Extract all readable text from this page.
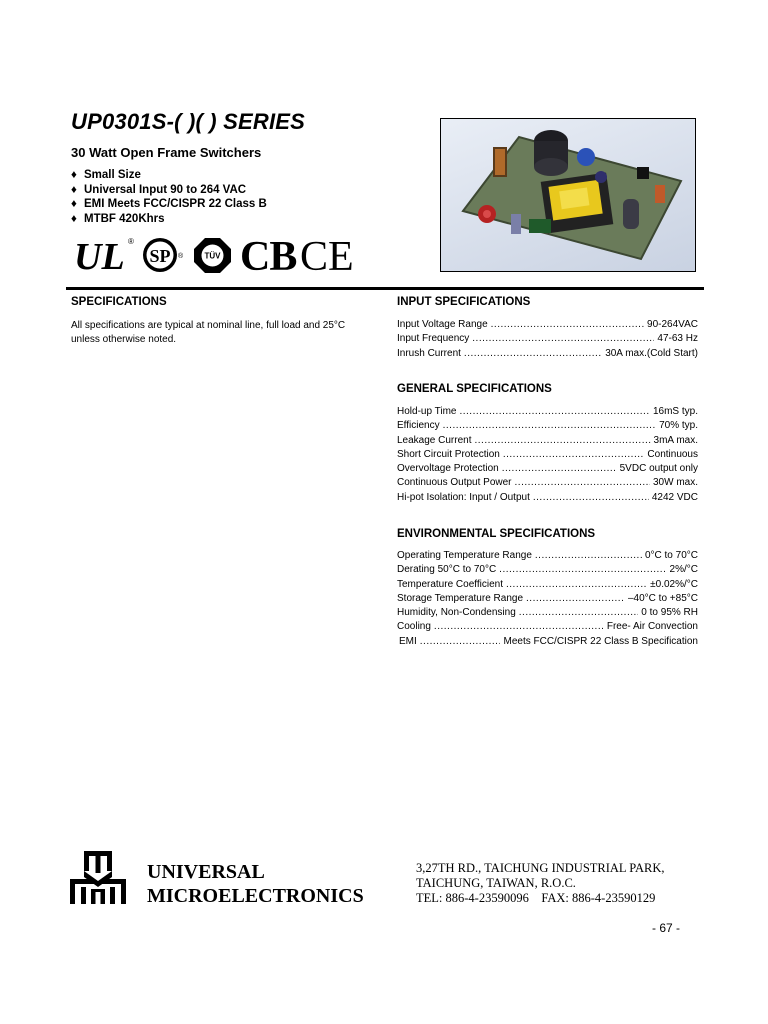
UP0301S-( )( ) SERIES
30 Watt Open Frame Switchers
♦ Small Size
♦ Universal Input 90 to 264 VAC
♦ EMI Meets FCC/CISPR 22 Class B
♦ MTBF 420Khrs
UL ®
SP ®	TÜV CB CE
SPECIFICATIONS
All specifications are typical at nominal line, full load and 25°C unless otherwise noted.
INPUT SPECIFICATIONS
Input Voltage Range .....	90-264VAC
Input Frequency .....	47-63 Hz
Inrush Current .....	30A max.(Cold Start)
GENERAL SPECIFICATIONS
Hold-up Time .....	16mS typ.
Efficiency .....	70% typ.
Leakage Current .....	3mA max.
Short Circuit Protection .....	Continuous
Overvoltage Protection .....	5VDC output only
Continuous Output Power .....	30W max.
Hi-pot Isolation: Input / Output .....	4242 VDC
ENVIRONMENTAL SPECIFICATIONS
Operating Temperature Range .....	0°C to 70°C
Derating 50°C to 70°C .....	2%/°C
Temperature Coefficient .....	±0.02%/°C
Storage Temperature Range .....	–40°C to +85°C
Humidity, Non-Condensing .....	0 to 95% RH
Cooling .....	Free- Air Convection
EMI .....	Meets FCC/CISPR 22 Class B Specification
UNIVERSAL
MICROELECTRONICS
3,27TH RD., TAICHUNG INDUSTRIAL PARK,
TAICHUNG, TAIWAN, R.O.C.
TEL: 886-4-23590096    FAX: 886-4-23590129
- 67 -
